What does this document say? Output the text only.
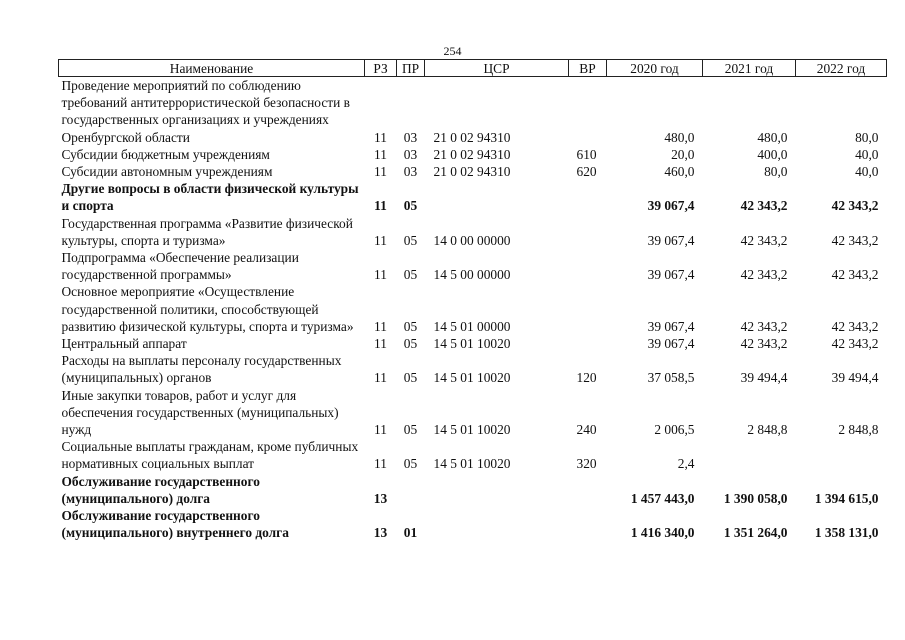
254
Наименование	РЗ	ПР	ЦСР	ВР	2020 год	2021 год	2022 год
Проведение мероприятий по соблюдению требований антитеррористической безопасности в государственных организациях и учреждениях Оренбургской области	11	03	21 0 02 94310		480,0	480,0	80,0
Субсидии бюджетным учреждениям	11	03	21 0 02 94310	610	20,0	400,0	40,0
Субсидии автономным учреждениям	11	03	21 0 02 94310	620	460,0	80,0	40,0
Другие вопросы в области физической культуры и спорта	11	05			39 067,4	42 343,2	42 343,2
Государственная программа «Развитие физической культуры, спорта и туризма»	11	05	14 0 00 00000		39 067,4	42 343,2	42 343,2
Подпрограмма «Обеспечение реализации государственной программы»	11	05	14 5 00 00000		39 067,4	42 343,2	42 343,2
Основное мероприятие «Осуществление государственной политики, способствующей развитию физической культуры, спорта и туризма»	11	05	14 5 01 00000		39 067,4	42 343,2	42 343,2
Центральный аппарат	11	05	14 5 01 10020		39 067,4	42 343,2	42 343,2
Расходы на выплаты персоналу государственных (муниципальных) органов	11	05	14 5 01 10020	120	37 058,5	39 494,4	39 494,4
Иные закупки товаров, работ и услуг для обеспечения государственных (муниципальных) нужд	11	05	14 5 01 10020	240	2 006,5	2 848,8	2 848,8
Социальные выплаты гражданам, кроме публичных нормативных социальных выплат	11	05	14 5 01 10020	320	2,4		
Обслуживание государственного (муниципального) долга	13				1 457 443,0	1 390 058,0	1 394 615,0
Обслуживание государственного (муниципального) внутреннего долга	13	01			1 416 340,0	1 351 264,0	1 358 131,0
